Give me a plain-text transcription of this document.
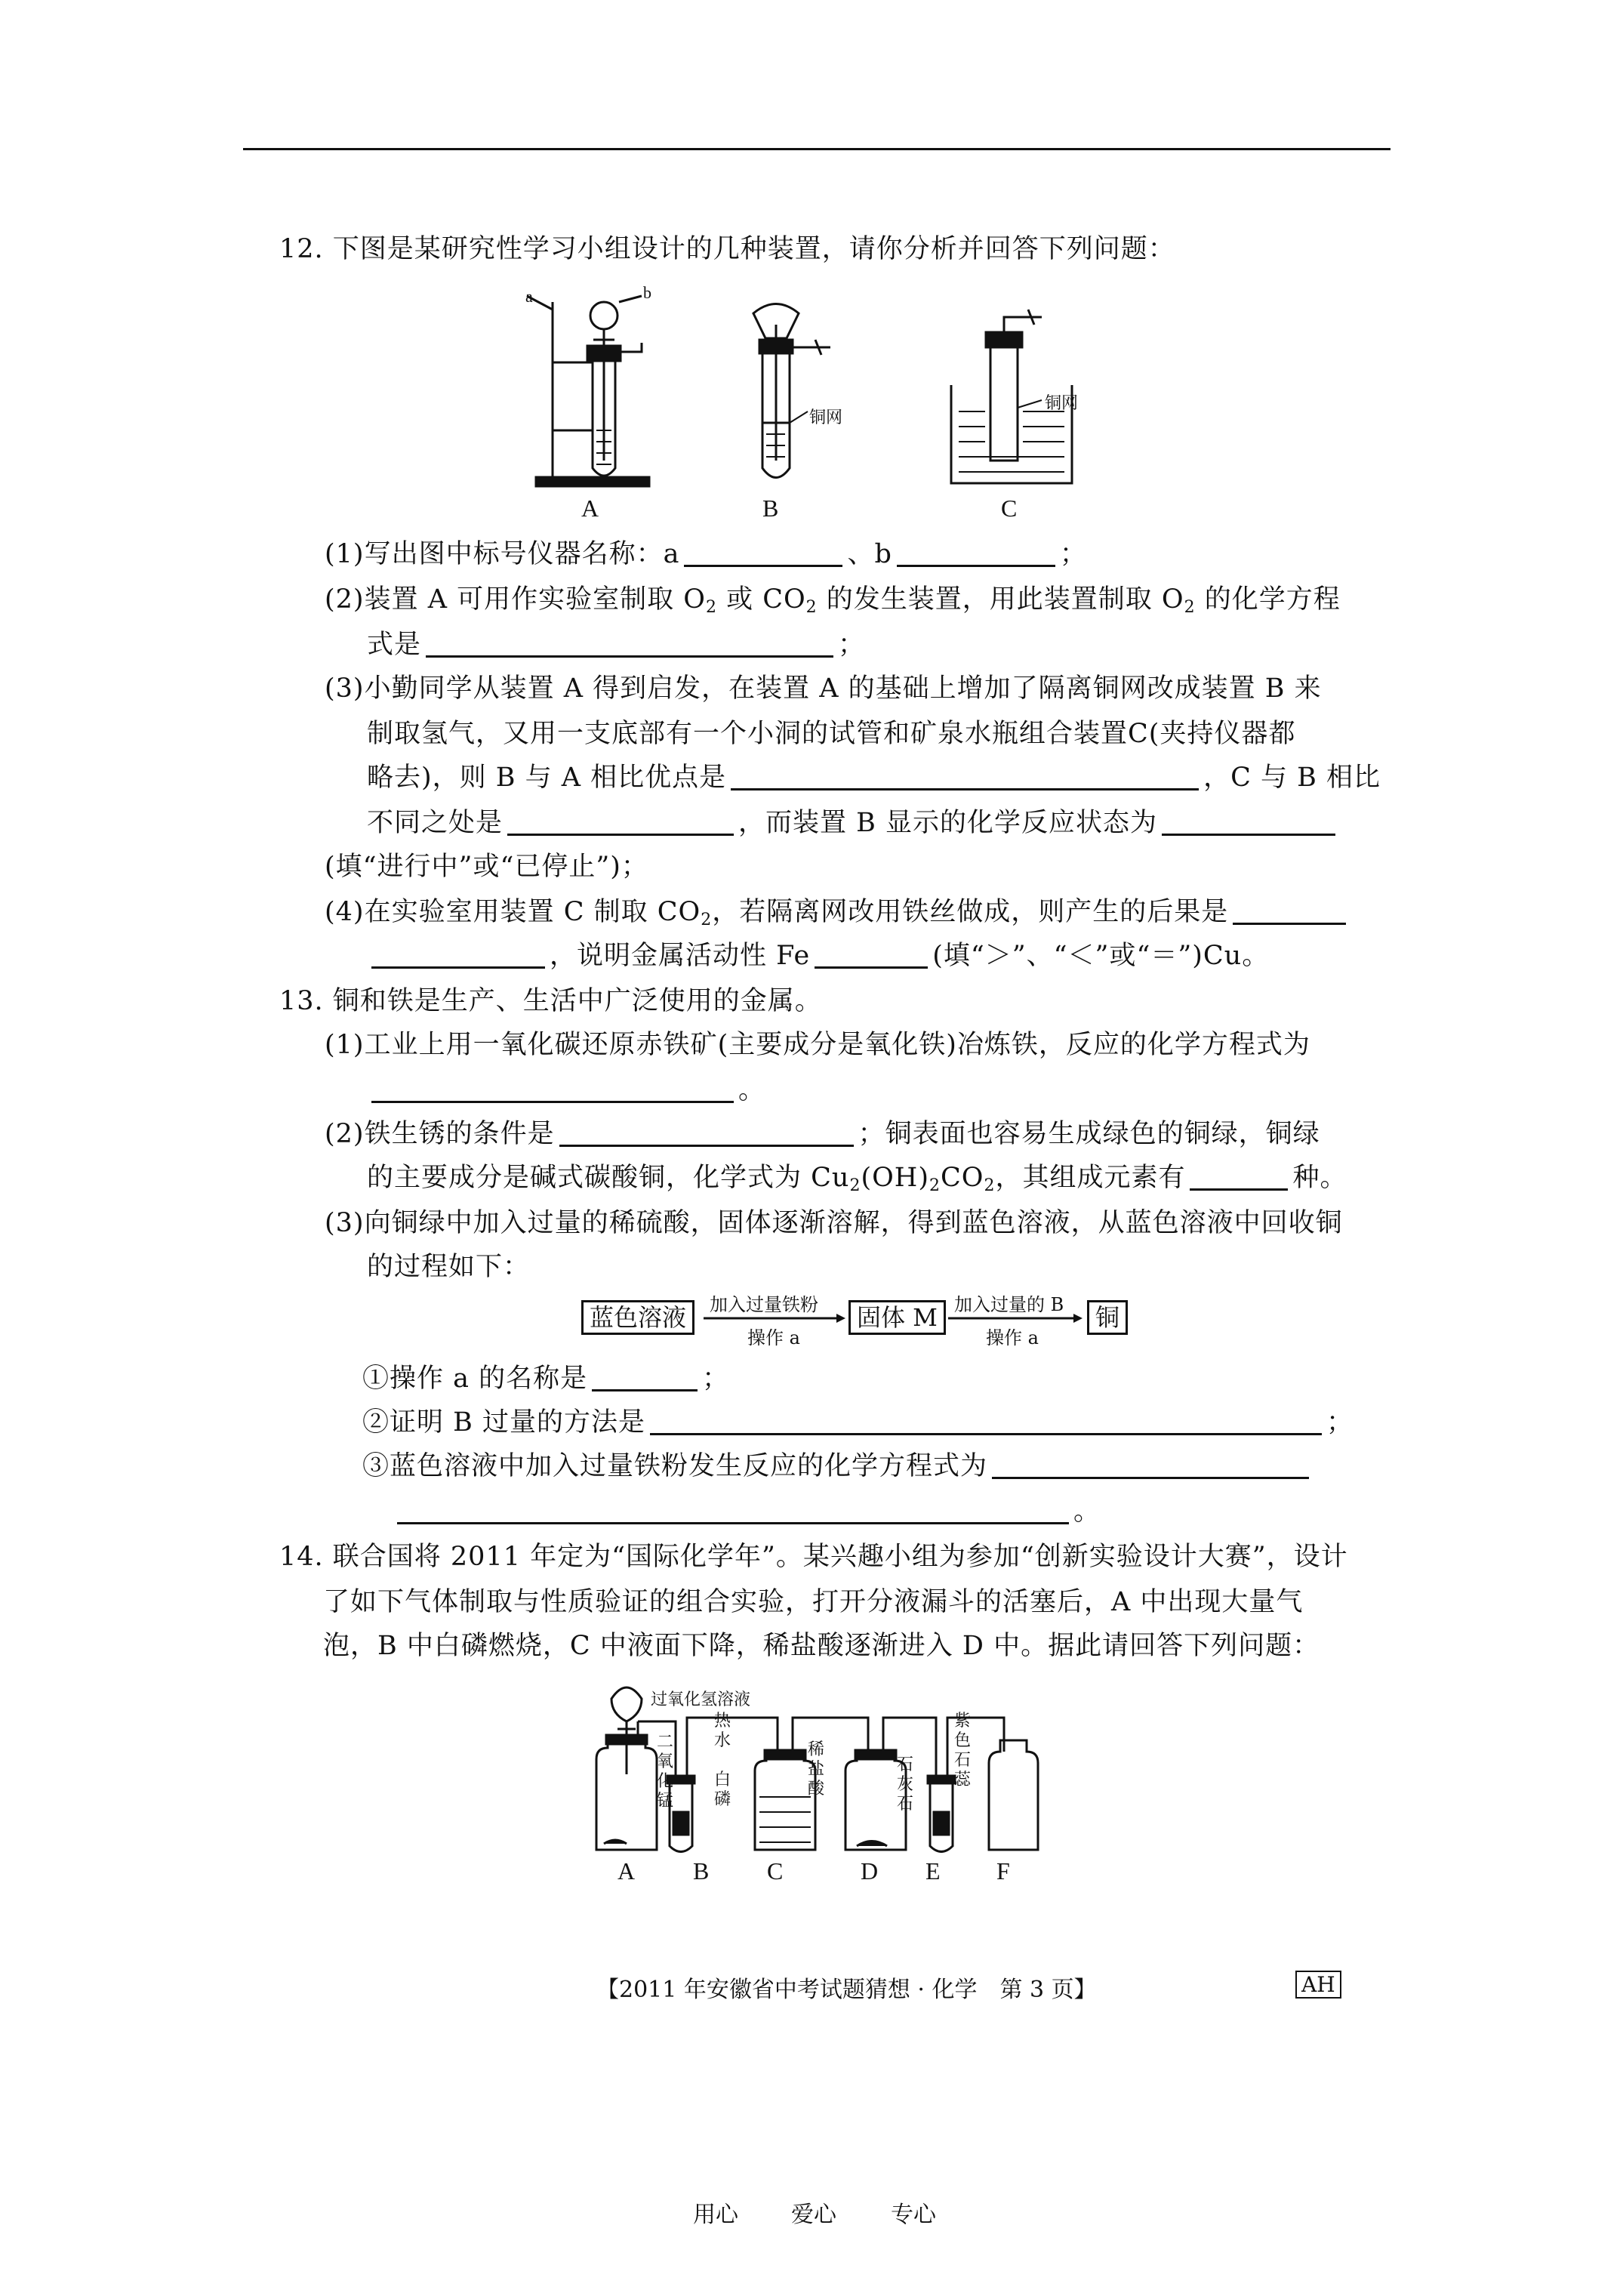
12. 下图是某研究性学习小组设计的几种装置，请你分析并回答下列问题：
a	b
铜网
铜网
A	B	C
(1)写出图中标号仪器名称：a	、b	；
(2)装置 A 可用作实验室制取 $O_2$ 或 $CO_2$ 的发生装置，用此装置制取 $O_2$ 的化学方程
式是	；
(3)小勤同学从装置 A 得到启发，在装置 A 的基础上增加了隔离铜网改成装置 B 来
制取氢气，又用一支底部有一个小洞的试管和矿泉水瓶组合装置C(夹持仪器都
略去)，则 B 与 A 相比优点是	，C 与 B 相比
不同之处是	，而装置 B 显示的化学反应状态为
(填“进行中”或“已停止”)；
(4)在实验室用装置 C 制取 $CO_2$，若隔离网改用铁丝做成，则产生的后果是
，说明金属活动性 Fe	(填“＞”、“＜”或“＝”)Cu。
13. 铜和铁是生产、生活中广泛使用的金属。
(1)工业上用一氧化碳还原赤铁矿(主要成分是氧化铁)冶炼铁，反应的化学方程式为
。
(2)铁生锈的条件是	；铜表面也容易生成绿色的铜绿，铜绿
的主要成分是碱式碳酸铜，化学式为 $Cu_2(OH)_2CO_2$，其组成元素有	种。
(3)向铜绿中加入过量的稀硫酸，固体逐渐溶解，得到蓝色溶液，从蓝色溶液中回收铜
的过程如下：
蓝色溶液	加入过量铁粉
操作 a
固体 M 加入过量的 B
操作 a
铜
①操作 a 的名称是	；
②证明 B 过量的方法是	；
③蓝色溶液中加入过量铁粉发生反应的化学方程式为
。
14. 联合国将 2011 年定为“国际化学年”。某兴趣小组为参加“创新实验设计大赛”，设计
了如下气体制取与性质验证的组合实验，打开分液漏斗的活塞后，A 中出现大量气
泡，B 中白磷燃烧，C 中液面下降，稀盐酸逐渐进入 D 中。据此请回答下列问题：
过氧化氢溶液
二
氧
化
锰
热
水
白
磷
稀
盐
酸
石
灰
石
紫
色
石
蕊
A B C	D E F
【2011 年安徽省中考试题猜想 · 化学　第 3 页】	AH
用心 爱心 专心
